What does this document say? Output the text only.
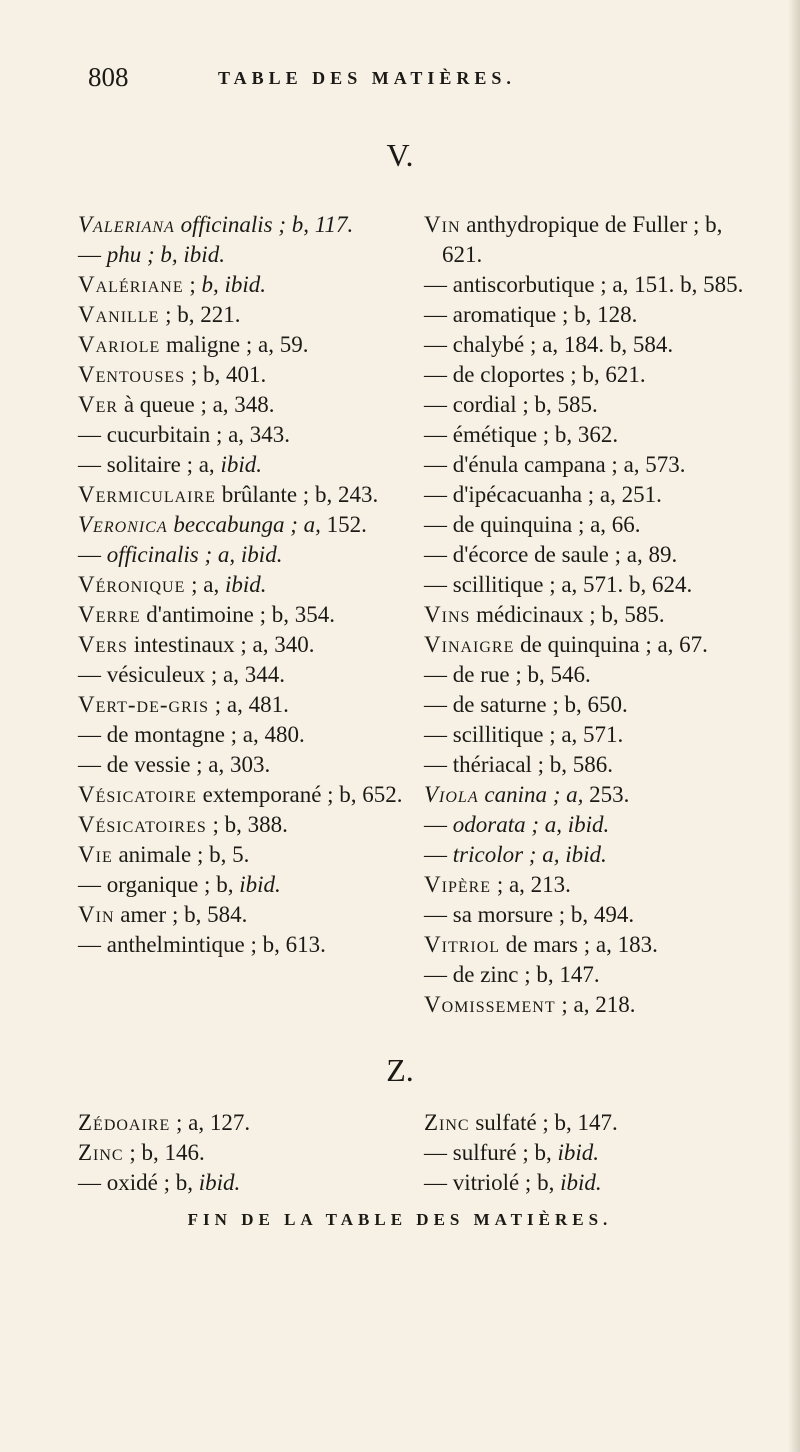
808	TABLE DES MATIÈRES.
V.
Valeriana officinalis ; b, 117.
— phu ; b, ibid.
Valériane ; b, ibid.
Vanille ; b, 221.
Variole maligne ; a, 59.
Ventouses ; b, 401.
Ver à queue ; a, 348.
— cucurbitain ; a, 343.
— solitaire ; a, ibid.
Vermiculaire brûlante ; b, 243.
Veronica beccabunga ; a, 152.
— officinalis ; a, ibid.
Véronique ; a, ibid.
Verre d'antimoine ; b, 354.
Vers intestinaux ; a, 340.
— vésiculeux ; a, 344.
Vert-de-gris ; a, 481.
— de montagne ; a, 480.
— de vessie ; a, 303.
Vésicatoire extemporané ; b, 652.
Vésicatoires ; b, 388.
Vie animale ; b, 5.
— organique ; b, ibid.
Vin amer ; b, 584.
— anthelmintique ; b, 613.
Vin anthydropique de Fuller ; b, 621.
— antiscorbutique ; a, 151. b, 585.
— aromatique ; b, 128.
— chalybé ; a, 184. b, 584.
— de cloportes ; b, 621.
— cordial ; b, 585.
— émétique ; b, 362.
— d'énula campana ; a, 573.
— d'ipécacuanha ; a, 251.
— de quinquina ; a, 66.
— d'écorce de saule ; a, 89.
— scillitique ; a, 571. b, 624.
Vins médicinaux ; b, 585.
Vinaigre de quinquina ; a, 67.
— de rue ; b, 546.
— de saturne ; b, 650.
— scillitique ; a, 571.
— thériacal ; b, 586.
Viola canina ; a, 253.
— odorata ; a, ibid.
— tricolor ; a, ibid.
Vipère ; a, 213.
— sa morsure ; b, 494.
Vitriol de mars ; a, 183.
— de zinc ; b, 147.
Vomissement ; a, 218.
Z.
Zédoaire ; a, 127.
Zinc ; b, 146.
— oxidé ; b, ibid.
Zinc sulfaté ; b, 147.
— sulfuré ; b, ibid.
— vitriolé ; b, ibid.
FIN DE LA TABLE DES MATIÈRES.
